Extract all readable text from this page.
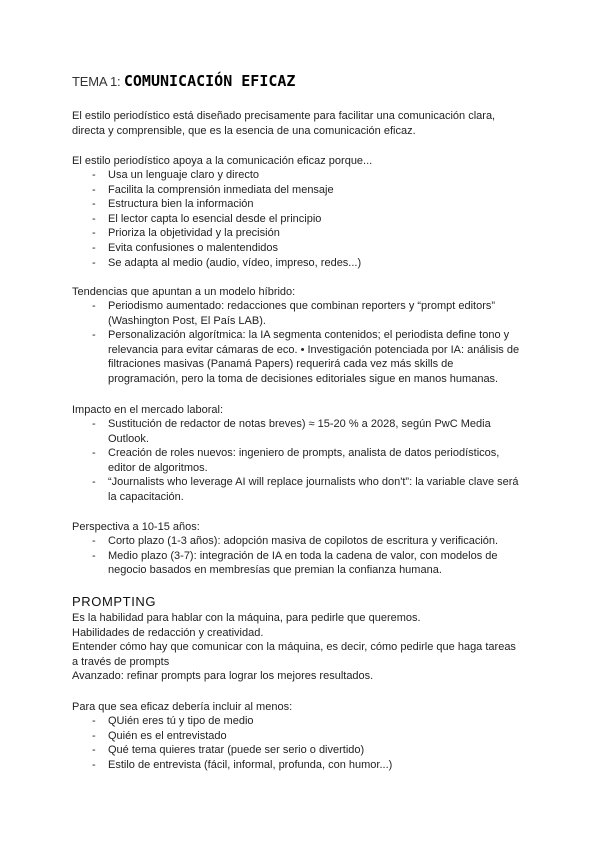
TEMA 1: COMUNICACIÓN EFICAZ
El estilo periodístico está diseñado precisamente para facilitar una comunicación clara,
directa y comprensible, que es la esencia de una comunicación eficaz.
El estilo periodístico apoya a la comunicación eficaz porque...
- Usa un lenguaje claro y directo
- Facilita la comprensión inmediata del mensaje
- Estructura bien la información
- El lector capta lo esencial desde el principio
- Prioriza la objetividad y la precisión
- Evita confusiones o malentendidos
- Se adapta al medio (audio, vídeo, impreso, redes...)
Tendencias que apuntan a un modelo híbrido:
- Periodismo aumentado: redacciones que combinan reporters y “prompt editors”
(Washington Post, El País LAB).
- Personalización algorítmica: la IA segmenta contenidos; el periodista define tono y
relevancia para evitar cámaras de eco. • Investigación potenciada por IA: análisis de
filtraciones masivas (Panamá Papers) requerirá cada vez más skills de
programación, pero la toma de decisiones editoriales sigue en manos humanas.
Impacto en el mercado laboral:
- Sustitución de redactor de notas breves) ≈ 15-20 % a 2028, según PwC Media
Outlook.
- Creación de roles nuevos: ingeniero de prompts, analista de datos periodísticos,
editor de algoritmos.
- “Journalists who leverage AI will replace journalists who don't”: la variable clave será
la capacitación.
Perspectiva a 10-15 años:
- Corto plazo (1-3 años): adopción masiva de copilotos de escritura y verificación.
- Medio plazo (3-7): integración de IA en toda la cadena de valor, con modelos de
negocio basados en membresías que premian la confianza humana.
PROMPTING
Es la habilidad para hablar con la máquina, para pedirle que queremos.
Habilidades de redacción y creatividad.
Entender cómo hay que comunicar con la máquina, es decir, cómo pedirle que haga tareas
a través de prompts
Avanzado: refinar prompts para lograr los mejores resultados.
Para que sea eficaz debería incluir al menos:
- QUién eres tú y tipo de medio
- Quién es el entrevistado
- Qué tema quieres tratar (puede ser serio o divertido)
- Estilo de entrevista (fácil, informal, profunda, con humor...)
